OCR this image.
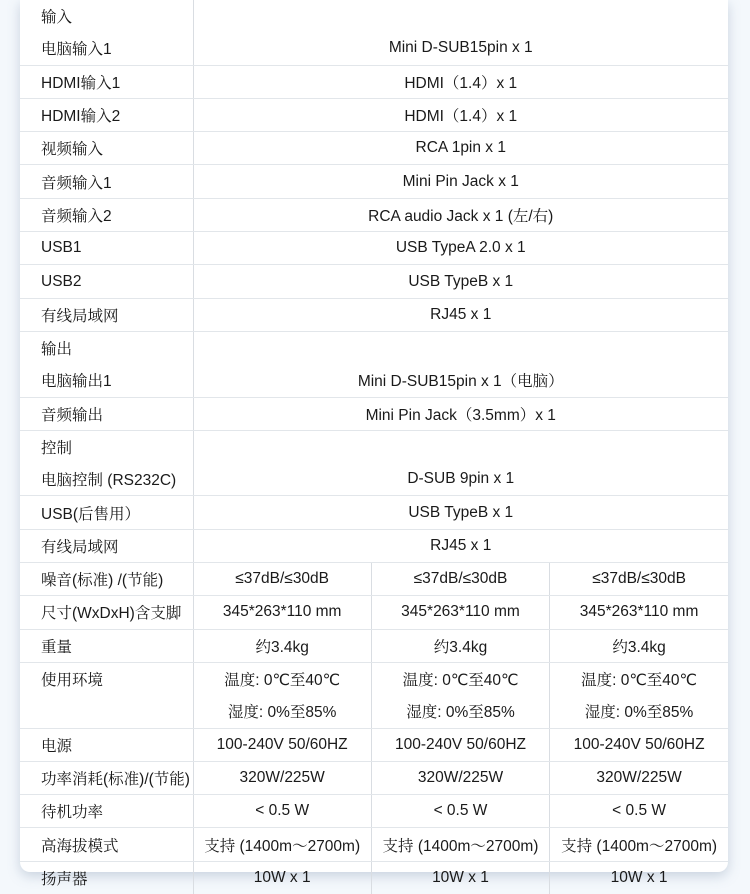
输入			
电脑输入1	Mini D-SUB15pin x 1		
HDMI输入1	HDMI（1.4）x 1		
HDMI输入2	HDMI（1.4）x 1		
视频输入	RCA 1pin x 1		
音频输入1	Mini Pin Jack x 1		
音频输入2	RCA audio Jack x 1 (左/右)		
USB1	USB TypeA 2.0 x 1		
USB2	USB TypeB x 1		
有线局域网	RJ45 x 1		
输出			
电脑输出1	Mini D-SUB15pin x 1（电脑）		
音频输出	Mini Pin Jack（3.5mm）x 1		
控制			
电脑控制 (RS232C)	D-SUB 9pin x 1		
USB(后售用）	USB TypeB x 1		
有线局域网	RJ45 x 1		
噪音(标准) /(节能)	≤37dB/≤30dB	≤37dB/≤30dB	≤37dB/≤30dB
尺寸(WxDxH)含支脚	345*263*110 mm	345*263*110 mm	345*263*110 mm
重量	约3.4kg	约3.4kg	约3.4kg
使用环境	温度: 0℃至40℃	温度: 0℃至40℃	温度: 0℃至40℃
	湿度: 0%至85%	湿度: 0%至85%	湿度: 0%至85%
电源	100-240V 50/60HZ	100-240V 50/60HZ	100-240V 50/60HZ
功率消耗(标准)/(节能)	320W/225W	320W/225W	320W/225W
待机功率	< 0.5 W	< 0.5 W	< 0.5 W
高海拔模式	支持 (1400m～2700m)	支持 (1400m～2700m)	支持 (1400m～2700m)
扬声器	10W x 1	10W x 1	10W x 1
